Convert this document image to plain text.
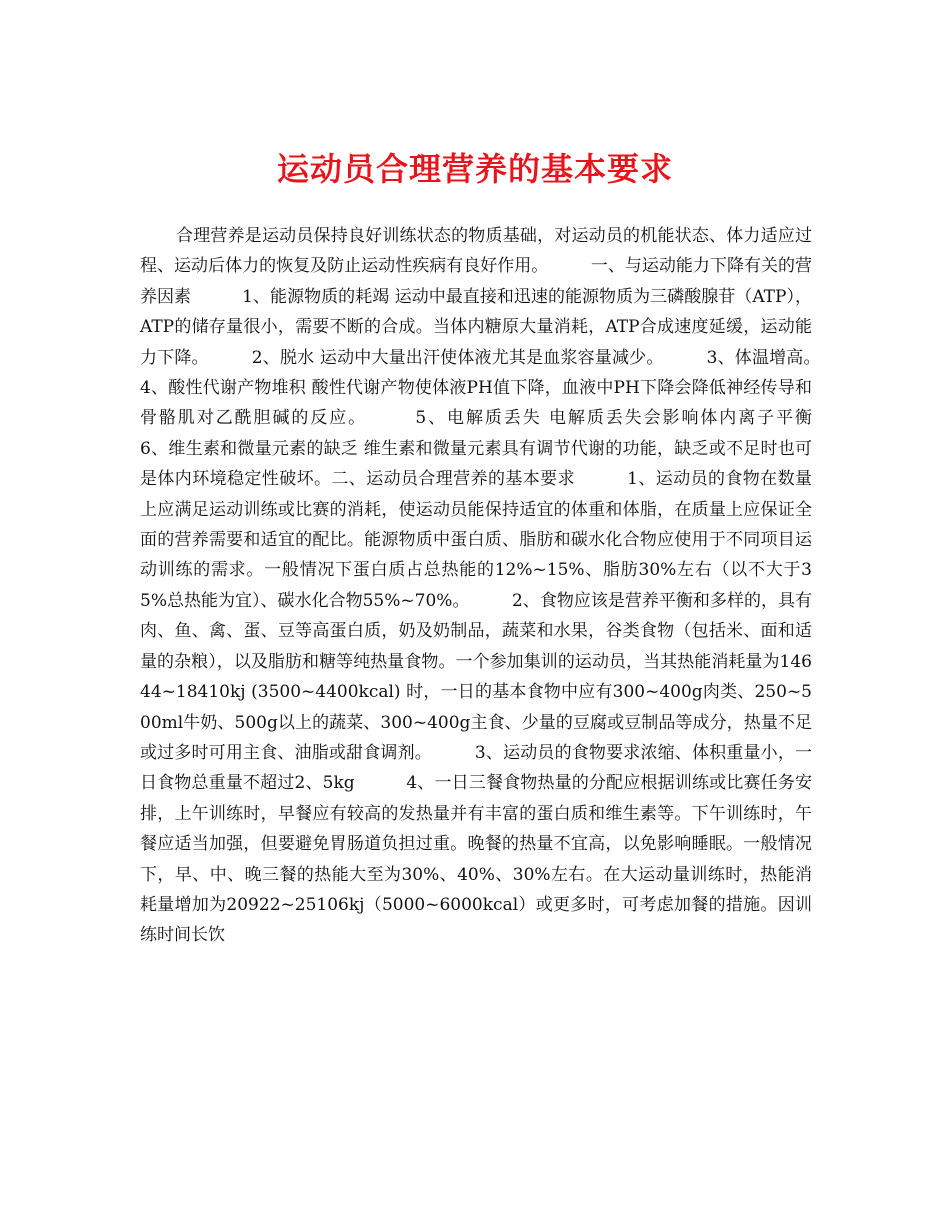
运动员合理营养的基本要求

合理营养是运动员保持良好训练状态的物质基础，对运动员的机能状态、体力适应过程、运动后体力的恢复及防止运动性疾病有良好作用。　　　一、与运动能力下降有关的营养因素　　　1、能源物质的耗竭 运动中最直接和迅速的能源物质为三磷酸腺苷（ATP），ATP的储存量很小，需要不断的合成。当体内糖原大量消耗，ATP合成速度延缓，运动能力下降。　　　2、脱水 运动中大量出汗使体液尤其是血浆容量减少。　　　3、体温增高。　　　4、酸性代谢产物堆积 酸性代谢产物使体液PH值下降，血液中PH下降会降低神经传导和骨骼肌对乙酰胆碱的反应。　　　5、电解质丢失 电解质丢失会影响体内离子平衡　　　6、维生素和微量元素的缺乏 维生素和微量元素具有调节代谢的功能，缺乏或不足时也可是体内环境稳定性破坏。二、运动员合理营养的基本要求　　　1、运动员的食物在数量上应满足运动训练或比赛的消耗，使运动员能保持适宜的体重和体脂，在质量上应保证全面的营养需要和适宜的配比。能源物质中蛋白质、脂肪和碳水化合物应使用于不同项目运动训练的需求。一般情况下蛋白质占总热能的12%~15%、脂肪30%左右（以不大于35%总热能为宜）、碳水化合物55%~70%。　　　2、食物应该是营养平衡和多样的，具有肉、鱼、禽、蛋、豆等高蛋白质，奶及奶制品，蔬菜和水果，谷类食物（包括米、面和适量的杂粮），以及脂肪和糖等纯热量食物。一个参加集训的运动员，当其热能消耗量为14644~18410kj (3500~4400kcal) 时，一日的基本食物中应有300~400g肉类、250~500ml牛奶、500g以上的蔬菜、300~400g主食、少量的豆腐或豆制品等成分，热量不足或过多时可用主食、油脂或甜食调剂。　　　3、运动员的食物要求浓缩、体积重量小，一日食物总重量不超过2、5kg　　　4、一日三餐食物热量的分配应根据训练或比赛任务安排，上午训练时，早餐应有较高的发热量并有丰富的蛋白质和维生素等。下午训练时，午餐应适当加强，但要避免胃肠道负担过重。晚餐的热量不宜高，以免影响睡眠。一般情况下，早、中、晚三餐的热能大至为30%、40%、30%左右。在大运动量训练时，热能消耗量增加为20922~25106kj（5000~6000kcal）或更多时，可考虑加餐的措施。因训练时间长饮
